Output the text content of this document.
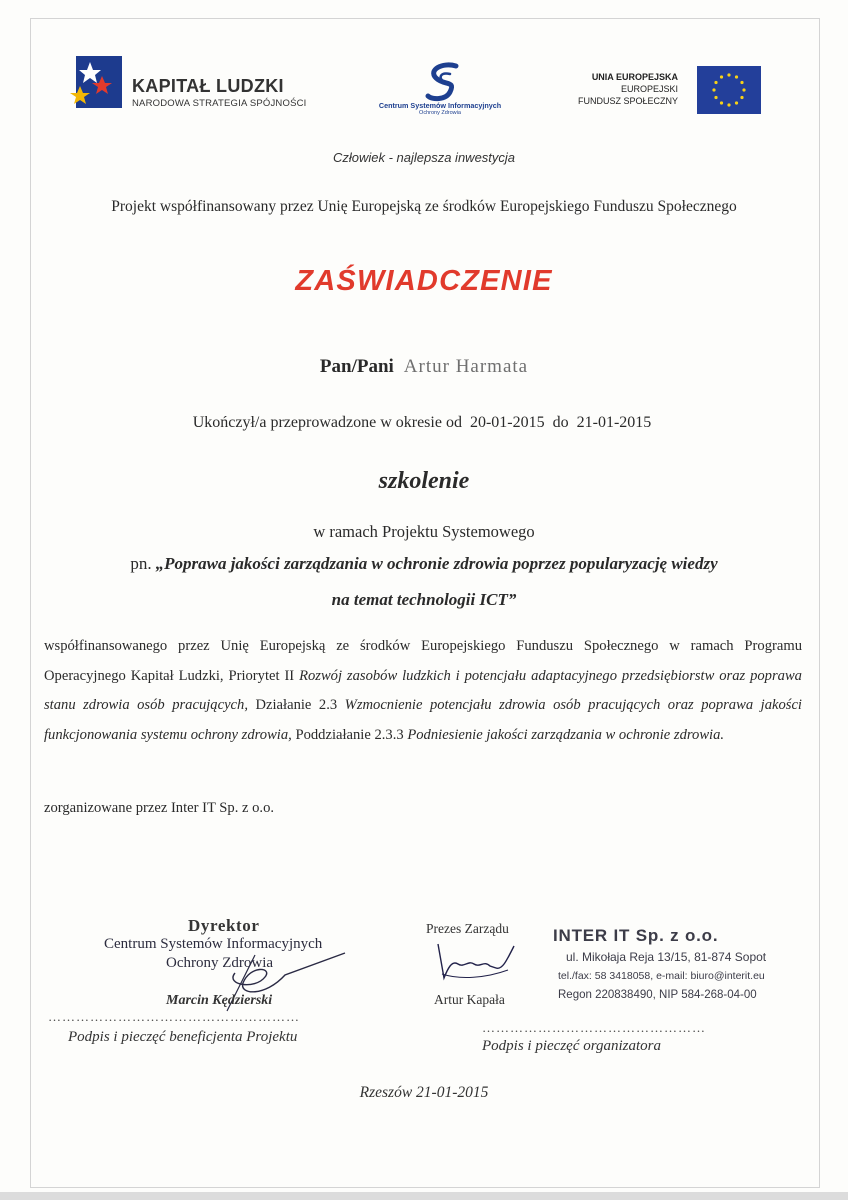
KAPITAŁ LUDZKI
NARODOWA STRATEGIA SPÓJNOŚCI	Centrum Systemów Informacyjnych
Ochrony Zdrowia
UNIA EUROPEJSKA
EUROPEJSKI
FUNDUSZ SPOŁECZNY
Człowiek - najlepsza inwestycja
Projekt współfinansowany przez Unię Europejską ze środków Europejskiego Funduszu Społecznego
ZAŚWIADCZENIE
Pan/Pani Artur Harmata
Ukończył/a przeprowadzone w okresie od 20-01-2015 do 21-01-2015
szkolenie
w ramach Projektu Systemowego
pn. „Poprawa jakości zarządzania w ochronie zdrowia poprzez popularyzację wiedzy
na temat technologii ICT”
współfinansowanego przez Unię Europejską ze środków Europejskiego Funduszu Społecznego w ramach Programu Operacyjnego Kapitał Ludzki, Priorytet II Rozwój zasobów ludzkich i potencjału adaptacyjnego przedsiębiorstw oraz poprawa stanu zdrowia osób pracujących, Działanie 2.3 Wzmocnienie potencjału zdrowia osób pracujących oraz poprawa jakości funkcjonowania systemu ochrony zdrowia, Poddziałanie 2.3.3 Podniesienie jakości zarządzania w ochronie zdrowia.
zorganizowane przez Inter IT Sp. z o.o.
Dyrektor
Centrum Systemów Informacyjnych
Ochrony Zdrowia
Marcin Kędzierski
………………………………………………
Podpis i pieczęć beneficjenta Projektu
Prezes Zarządu
Artur Kapała
INTER IT Sp. z o.o.
ul. Mikołaja Reja 13/15, 81-874 Sopot
tel./fax: 58 3418058, e-mail: biuro@interit.eu
Regon 220838490, NIP 584-268-04-00
…………………………………………
Podpis i pieczęć organizatora
Rzeszów 21-01-2015
